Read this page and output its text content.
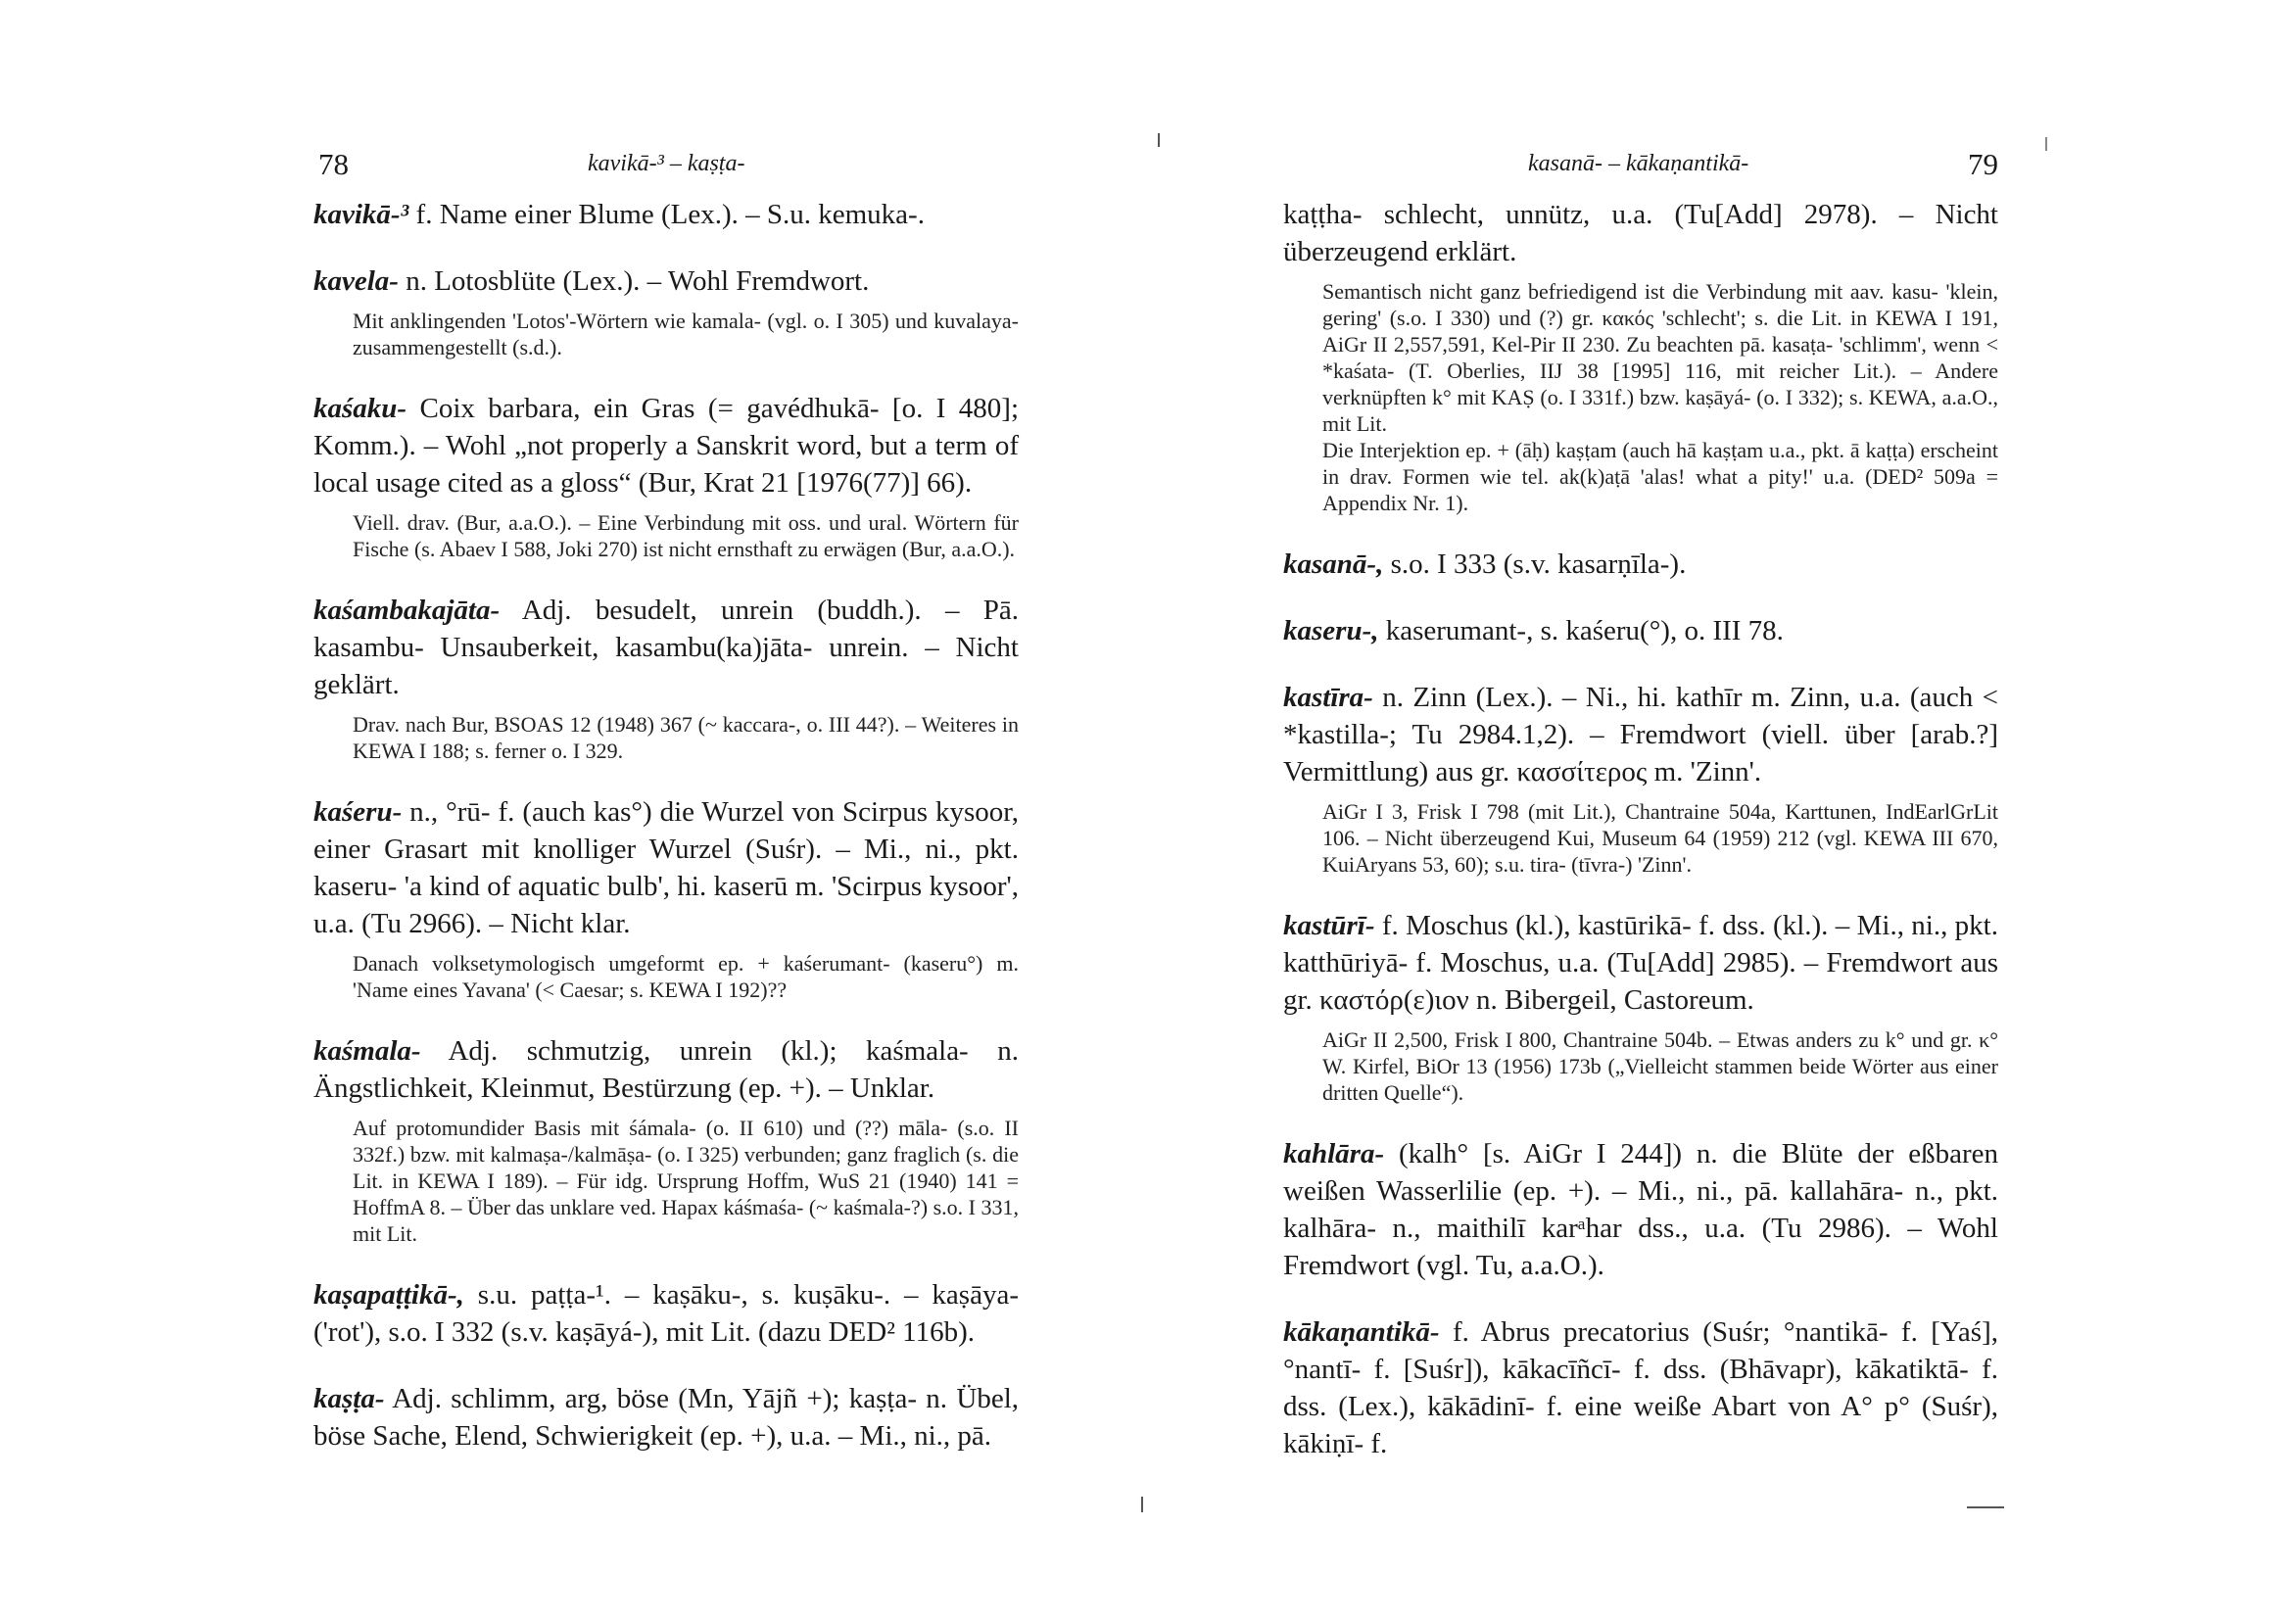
78	kavikā-³ – kaṣṭa-

kavikā-³ f. Name einer Blume (Lex.). – S.u. kemuka-.

kavela- n. Lotosblüte (Lex.). – Wohl Fremdwort.

Mit anklingenden 'Lotos'-Wörtern wie kamala- (vgl. o. I 305) und kuvalaya- zusammengestellt (s.d.).

kaśaku- Coix barbara, ein Gras (= gavédhukā- [o. I 480]; Komm.). – Wohl „not properly a Sanskrit word, but a term of local usage cited as a gloss“ (Bur, Krat 21 [1976(77)] 66).

Viell. drav. (Bur, a.a.O.). – Eine Verbindung mit oss. und ural. Wörtern für Fische (s. Abaev I 588, Joki 270) ist nicht ernsthaft zu erwägen (Bur, a.a.O.).

kaśambakajāta- Adj. besudelt, unrein (buddh.). – Pā. kasambu- Unsauberkeit, kasambu(ka)jāta- unrein. – Nicht geklärt.

Drav. nach Bur, BSOAS 12 (1948) 367 (~ kaccara-, o. III 44?). – Weiteres in KEWA I 188; s. ferner o. I 329.

kaśeru- n., °rū- f. (auch kas°) die Wurzel von Scirpus kysoor, einer Grasart mit knolliger Wurzel (Suśr). – Mi., ni., pkt. kaseru- 'a kind of aquatic bulb', hi. kaserū m. 'Scirpus kysoor', u.a. (Tu 2966). – Nicht klar.

Danach volksetymologisch umgeformt ep. + kaśerumant- (kaseru°) m. 'Name eines Yavana' (< Caesar; s. KEWA I 192)??

kaśmala- Adj. schmutzig, unrein (kl.); kaśmala- n. Ängstlichkeit, Kleinmut, Bestürzung (ep. +). – Unklar.

Auf protomundider Basis mit śámala- (o. II 610) und (??) māla- (s.o. II 332f.) bzw. mit kalmaṣa-/kalmāṣa- (o. I 325) verbunden; ganz fraglich (s. die Lit. in KEWA I 189). – Für idg. Ursprung Hoffm, WuS 21 (1940) 141 = HoffmA 8. – Über das unklare ved. Hapax káśmaśa- (~ kaśmala-?) s.o. I 331, mit Lit.

kaṣapaṭṭikā-, s.u. paṭṭa-¹. – kaṣāku-, s. kuṣāku-. – kaṣāya- ('rot'), s.o. I 332 (s.v. kaṣāyá-), mit Lit. (dazu DED² 116b).

kaṣṭa- Adj. schlimm, arg, böse (Mn, Yājñ +); kaṣṭa- n. Übel, böse Sache, Elend, Schwierigkeit (ep. +), u.a. – Mi., ni., pā.

kasanā- – kākaṇantikā-	79

kaṭṭha- schlecht, unnütz, u.a. (Tu[Add] 2978). – Nicht überzeugend erklärt.

Semantisch nicht ganz befriedigend ist die Verbindung mit aav. kasu- 'klein, gering' (s.o. I 330) und (?) gr. κακός 'schlecht'; s. die Lit. in KEWA I 191, AiGr II 2,557,591, Kel-Pir II 230. Zu beachten pā. kasaṭa- 'schlimm', wenn < *kaśata- (T. Oberlies, IIJ 38 [1995] 116, mit reicher Lit.). – Andere verknüpften k° mit KAṢ (o. I 331f.) bzw. kaṣāyá- (o. I 332); s. KEWA, a.a.O., mit Lit.

Die Interjektion ep. + (āḥ) kaṣṭam (auch hā kaṣṭam u.a., pkt. ā kaṭṭa) erscheint in drav. Formen wie tel. ak(k)aṭā 'alas! what a pity!' u.a. (DED² 509a = Appendix Nr. 1).

kasanā-, s.o. I 333 (s.v. kasarṇīla-).

kaseru-, kaserumant-, s. kaśeru(°), o. III 78.

kastīra- n. Zinn (Lex.). – Ni., hi. kathīr m. Zinn, u.a. (auch < *kastilla-; Tu 2984.1,2). – Fremdwort (viell. über [arab.?] Vermittlung) aus gr. κασσίτερος m. 'Zinn'.

AiGr I 3, Frisk I 798 (mit Lit.), Chantraine 504a, Karttunen, IndEarlGrLit 106. – Nicht überzeugend Kui, Museum 64 (1959) 212 (vgl. KEWA III 670, KuiAryans 53, 60); s.u. tira- (tīvra-) 'Zinn'.

kastūrī- f. Moschus (kl.), kastūrikā- f. dss. (kl.). – Mi., ni., pkt. katthūriyā- f. Moschus, u.a. (Tu[Add] 2985). – Fremdwort aus gr. καστόρ(ε)ιον n. Bibergeil, Castoreum.

AiGr II 2,500, Frisk I 800, Chantraine 504b. – Etwas anders zu k° und gr. κ° W. Kirfel, BiOr 13 (1956) 173b („Vielleicht stammen beide Wörter aus einer dritten Quelle“).

kahlāra- (kalh° [s. AiGr I 244]) n. die Blüte der eßbaren weißen Wasserlilie (ep. +). – Mi., ni., pā. kallahāra- n., pkt. kalhāra- n., maithilī karᵃhar dss., u.a. (Tu 2986). – Wohl Fremdwort (vgl. Tu, a.a.O.).

kākaṇantikā- f. Abrus precatorius (Suśr; °nantikā- f. [Yaś], °nantī- f. [Suśr]), kākacīñcī- f. dss. (Bhāvapr), kākatiktā- f. dss. (Lex.), kākādinī- f. eine weiße Abart von A° p° (Suśr), kākiṇī- f.
